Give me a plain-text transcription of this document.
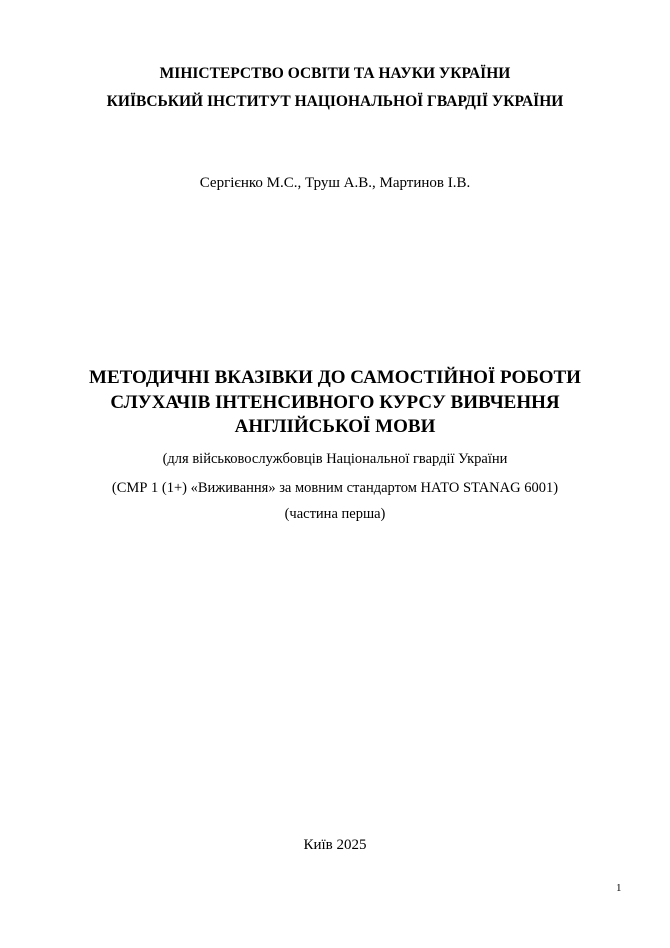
МІНІСТЕРСТВО ОСВІТИ ТА НАУКИ УКРАЇНИ
КИЇВСЬКИЙ ІНСТИТУТ НАЦІОНАЛЬНОЇ ГВАРДІЇ УКРАЇНИ
Сергієнко М.С., Труш А.В., Мартинов І.В.
МЕТОДИЧНІ ВКАЗІВКИ ДО САМОСТІЙНОЇ РОБОТИ
СЛУХАЧІВ ІНТЕНСИВНОГО КУРСУ ВИВЧЕННЯ
АНГЛІЙСЬКОЇ МОВИ
(для військовослужбовців Національної гвардії України
(СМР 1 (1+) «Виживання» за мовним стандартом НАТО STANAG 6001)
(частина перша)
Київ 2025
1
